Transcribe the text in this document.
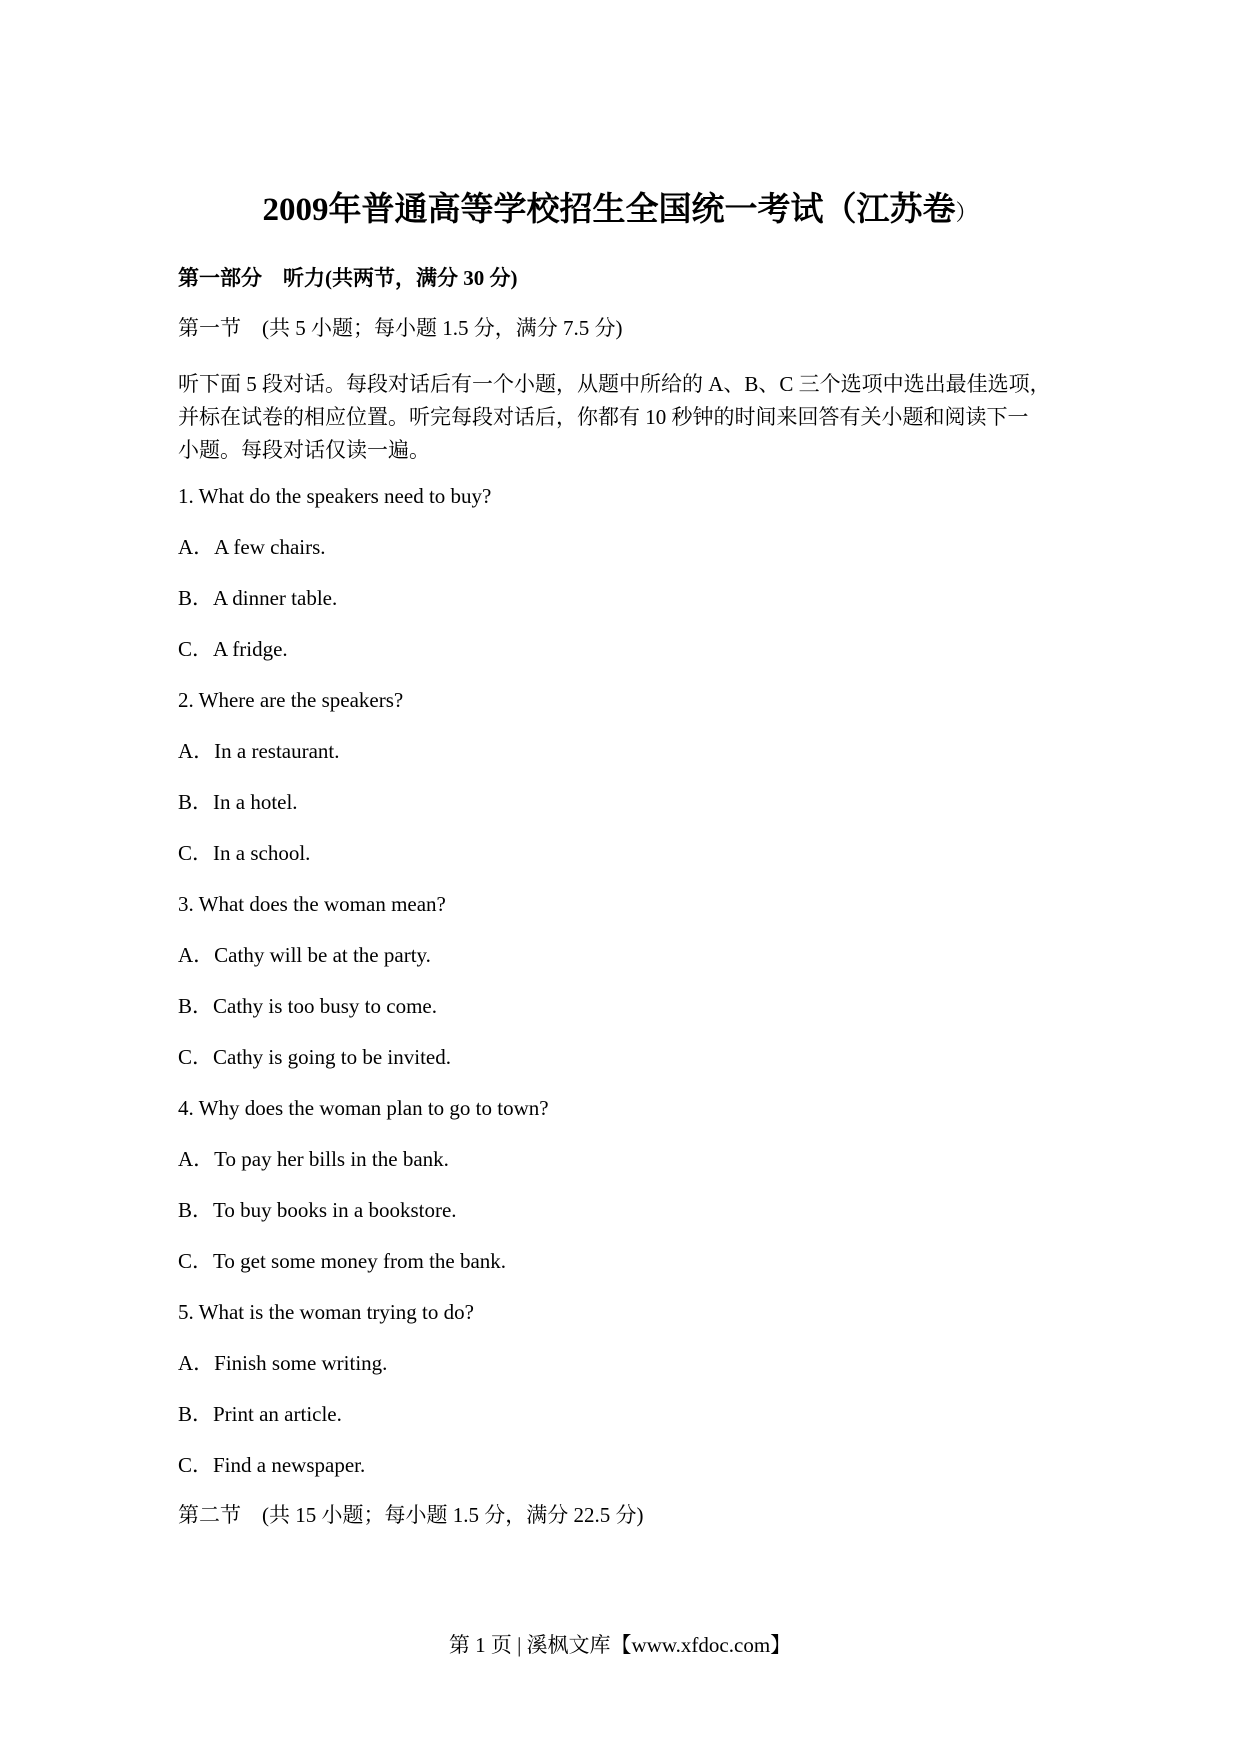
2009年普通高等学校招生全国统一考试（江苏卷）
第一部分　听力(共两节，满分 30 分)
第一节　(共 5 小题；每小题 1.5 分，满分 7.5 分)
听下面 5 段对话。每段对话后有一个小题，从题中所给的 A、B、C 三个选项中选出最佳选项，
并标在试卷的相应位置。听完每段对话后，你都有 10 秒钟的时间来回答有关小题和阅读下一
小题。每段对话仅读一遍。
1. What do the speakers need to buy?
A．A few chairs.
B．A dinner table.
C．A fridge.
2. Where are the speakers?
A．In a restaurant.
B．In a hotel.
C．In a school.
3. What does the woman mean?
A．Cathy will be at the party.
B．Cathy is too busy to come.
C．Cathy is going to be invited.
4. Why does the woman plan to go to town?
A．To pay her bills in the bank.
B．To buy books in a bookstore.
C．To get some money from the bank.
5. What is the woman trying to do?
A．Finish some writing.
B．Print an article.
C．Find a newspaper.
第二节　(共 15 小题；每小题 1.5 分，满分 22.5 分)
第 1 页 | 溪枫文库【www.xfdoc.com】
